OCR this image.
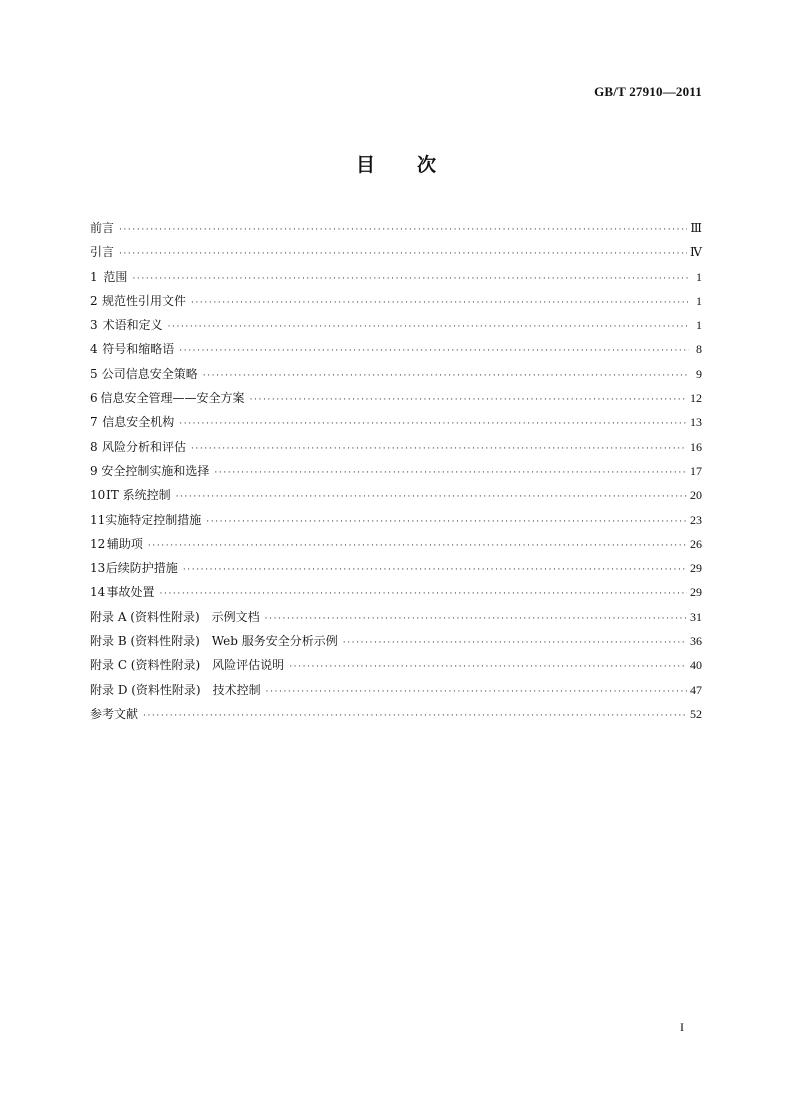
GB/T 27910—2011
目 次
前言 ·····	Ⅲ
引言 ·····	Ⅳ
1 范围 ·····	1
2 规范性引用文件 ·····	1
3 术语和定义 ·····	1
4 符号和缩略语 ·····	8
5 公司信息安全策略 ·····	9
6 信息安全管理——安全方案 ·····	12
7 信息安全机构 ·····	13
8 风险分析和评估 ·····	16
9 安全控制实施和选择 ·····	17
10 IT 系统控制 ·····	20
11 实施特定控制措施 ·····	23
12 辅助项 ·····	26
13 后续防护措施 ·····	29
14 事故处置 ·····	29
附录 A (资料性附录)　示例文档 ·····	31
附录 B (资料性附录)　Web 服务安全分析示例 ·····	36
附录 C (资料性附录)　风险评估说明 ·····	40
附录 D (资料性附录)　技术控制 ·····	47
参考文献 ·····	52
I
